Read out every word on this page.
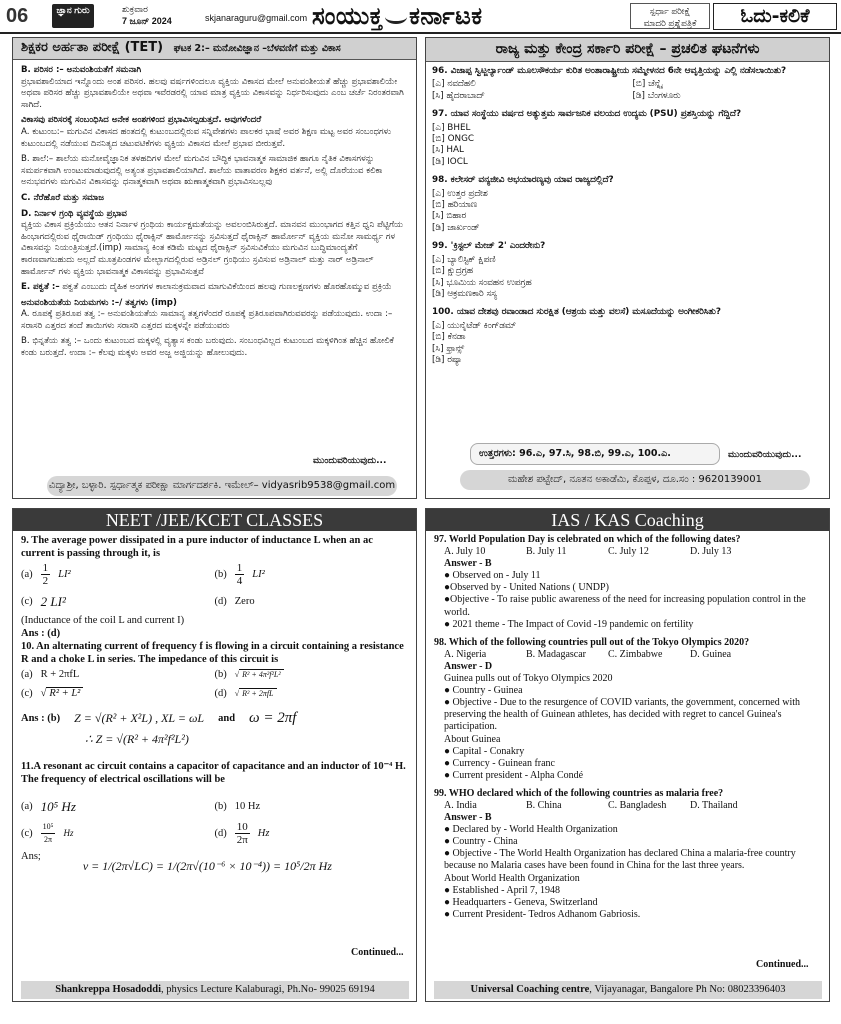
06	ಜ್ಞಾನ ಗುರು	ಶುಕ್ರವಾರ
7 ಜೂನ್ 2024	skjanaraguru@gmail.com ಸಂಯುಕ್ತ ಕರ್ನಾಟಕ	ಸ್ಪರ್ಧಾ ಪರೀಕ್ಷೆ
ಮಾದರಿ ಪ್ರಶ್ನೆಪತ್ರಿಕೆ	ಓದು-ಕಲಿಕೆ
ಶಿಕ್ಷಕರ ಅರ್ಹತಾ ಪರೀಕ್ಷೆ (TET) ಘಟಕ 2:– ಮನೋವಿಜ್ಞಾನ –ಬೆಳವಣಿಗೆ ಮತ್ತು ವಿಕಾಸ

B. ಪರಿಸರ :– ಅನುವಂಶಿಯತೆಗೆ ಸಮನಾಗಿ
ಪ್ರಭಾವಶಾಲಿಯಾದ ಇನ್ನೊಂದು ಅಂಶ ಪರಿಸರ. ಹಲವು ವರ್ಷಗಳಿಂದಲೂ ವ್ಯಕ್ತಿಯ ವಿಕಾಸದ ಮೇಲೆ ಅನುವಂಶೀಯತೆ ಹೆಚ್ಚು ಪ್ರಭಾವಶಾಲಿಯೇ ಅಥವಾ ಪರಿಸರ ಹೆಚ್ಚು ಪ್ರಭಾವಶಾಲಿಯೇ ಅಥವಾ ಇವೆರಡರಲ್ಲಿ ಯಾವ ಮಾತ್ರ ವ್ಯಕ್ತಿಯ ವಿಕಾಸವನ್ನು ನಿರ್ಧರಿಸುವುದು ಎಂಬ ಚರ್ಚೆ ನಿರಂತರವಾಗಿ ಸಾಗಿದೆ.

ವಿಕಾಸವು ಪರಿಸರಕ್ಕೆ ಸಂಬಂಧಿಸಿದ ಅನೇಕ ಅಂಶಗಳಿಂದ ಪ್ರಭಾವಿಸಲ್ಪಡುತ್ತದೆ. ಅವುಗಳೆಂದರೆ
A. ಕುಟುಂಬ:– ಮಗುವಿನ ವಿಕಾಸದ ಹಂತದಲ್ಲಿ ಕುಟುಂಬದಲ್ಲಿರುವ ಸನ್ನಿವೇಶಗಳು ಪಾಲಕರ ಭಾಷೆ ಅವರ ಶಿಕ್ಷಣ ಮಟ್ಟ ಅವರ ಸಂಬಂಧಗಳು ಕುಟುಂಬದಲ್ಲಿ ನಡೆಯುವ ದಿನನಿತ್ಯದ ಚಟುವಟಿಕೆಗಳು ವ್ಯಕ್ತಿಯ ವಿಕಾಸದ ಮೇಲೆ ಪ್ರಭಾವ ಬೀರುತ್ತವೆ.

B. ಶಾಲೆ:– ಶಾಲೆಯ ಮನೋವೈಜ್ಞಾನಿಕ ತಳಹದಿಗಳ ಮೇಲೆ ಮಗುವಿನ ಬೌದ್ಧಿಕ ಭಾವನಾತ್ಮಕ ಸಾಮಾಜಿಕ ಹಾಗೂ ನೈತಿಕ ವಿಕಾಸಗಳನ್ನು ಸಮರ್ಪಕವಾಗಿ ಉಂಟುಮಾಡುವುದಲ್ಲಿ ಅತ್ಯಂತ ಪ್ರಭಾವಶಾಲಿಯಾಗಿದೆ. ಶಾಲೆಯ ವಾತಾವರಣ ಶಿಕ್ಷಕರ ವರ್ತನೆ, ಅಲ್ಲಿ ದೊರೆಯುವ ಕಲಿಕಾ ಅನುಭವಗಳು ಮಗುವಿನ ವಿಕಾಸವನ್ನು ಧನಾತ್ಮಕವಾಗಿ ಅಥವಾ ಋಣಾತ್ಮಕವಾಗಿ ಪ್ರಭಾವಿಸಬಲ್ಲವು

C. ನೆರೆಹೊರೆ ಮತ್ತು ಸಮಾಜ

D. ನಿರ್ನಾಳ ಗ್ರಂಥಿ ವ್ಯವಸ್ಥೆಯ ಪ್ರಭಾವ
ವ್ಯಕ್ತಿಯ ವಿಕಾಸ ಪ್ರಕ್ರಿಯೆಯು ಆತನ ನಿರ್ನಾಳ ಗ್ರಂಥಿಯ ಕಾರ್ಯಕ್ಷಮತೆಯನ್ನು ಅವಲಂಬಿಸಿರುತ್ತದೆ. ಮಾನವನ ಮುಂಭಾಗದ ಕತ್ತಿನ ಧ್ವನಿ ಪೆಟ್ಟಿಗೆಯ ಹಿಂಭಾಗದಲ್ಲಿರುವ ಥೈರಾಯಿಡ್ ಗ್ರಂಥಿಯು ಥೈರಾಕ್ಸಿನ್ ಹಾರ್ಮೋನನ್ನು ಸ್ರವಿಸುತ್ತದೆ ಥೈರಾಕ್ಸಿನ್ ಹಾರ್ಮೋನ್ ವ್ಯಕ್ತಿಯ ಮನೋ ಸಾಮರ್ಥ್ಯ ಗಳ ವಿಕಾಸವನ್ನು ನಿಯಂತ್ರಿಸುತ್ತದೆ.(imp) ಸಾಮಾನ್ಯ ಕಿಂತ ಕಡಿಮೆ ಮಟ್ಟದ ಥೈರಾಕ್ಸಿನ್ ಸ್ರವಿಸುವಿಕೆಯು ಮಗುವಿನ ಬುದ್ಧಿಮಾಂದ್ಯತೆಗೆ ಕಾರಣವಾಗಬಹುದು ಅಲ್ಲದೆ ಮೂತ್ರಪಿಂಡಗಳ ಮೇಲ್ಭಾಗದಲ್ಲಿರುವ ಅಡ್ರಿನಲ್ ಗ್ರಂಥಿಯು ಸ್ರವಿಸುವ ಅಡ್ರಿನಾಲ್ ಮತ್ತು ನಾರ್ ಅಡ್ರಿನಾಲ್ ಹಾರ್ಮೋನ್ ಗಳು ವ್ಯಕ್ತಿಯ ಭಾವನಾತ್ಮಕ ವಿಕಾಸವನ್ನು ಪ್ರಭಾವಿಸುತ್ತವೆ

E. ಪಕ್ವತೆ :– ಪಕ್ವತೆ ಎಂಬುದು ದೈಹಿಕ ಅಂಗಗಳ ಕಾಲಾನುಕ್ರಮವಾದ ಮಾಗುವಿಕೆಯಿಂದ ಹಲವು ಗುಣಲಕ್ಷಣಗಳು ಹೊರಹೊಮ್ಮುವ ಪ್ರಕ್ರಿಯೆ

ಅನುವಂಶಿಯತೆಯ ನಿಯಮಗಳು :–/ ತತ್ವಗಳು (imp)
A. ರೂಪಕ್ಕೆ ಪ್ರತಿರೂಪ ತತ್ವ :– ಅನುವಂಶಿಯತೆಯ ಸಾಮಾನ್ಯ ತತ್ವಗಳೆಂದರೆ ರೂಪಕ್ಕೆ ಪ್ರತಿರೂಪವಾಗಿರುವವರನ್ನು ಪಡೆಯುವುದು. ಉದಾ :– ಸರಾಸರಿ ಎತ್ತರದ ತಂದೆ ತಾಯಿಗಳು ಸರಾಸರಿ ಎತ್ತರದ ಮಕ್ಕಳನ್ನೇ ಪಡೆಯುವರು

B. ಭಿನ್ನತೆಯ ತತ್ವ :– ಒಂದು ಕುಟುಂಬದ ಮಕ್ಕಳಲ್ಲಿ ವ್ಯತ್ಯಾಸ ಕಂಡು ಬರುವುದು. ಸಂಬಂಧವಿಲ್ಲದ ಕುಟುಂಬದ ಮಕ್ಕಳಿಗಿಂತ ಹೆಚ್ಚಿನ ಹೋಲಿಕೆ ಕಂಡು ಬರುತ್ತದೆ. ಉದಾ :– ಕೆಲವು ಮಕ್ಕಳು ಅವರ ಅಜ್ಜ ಅಜ್ಜಿಯನ್ನು ಹೋಲುವುದು.

ಮುಂದುವರಿಯುವುದು...
ವಿದ್ಯಾಶ್ರೀ, ಬಳ್ಳಾರಿ. ಸ್ಪರ್ಧಾತ್ಮಕ ಪರೀಕ್ಷಾ ಮಾರ್ಗದರ್ಶಕಿ. ಇಮೇಲ್– vidyasrib9538@gmail.com
ರಾಜ್ಯ ಮತ್ತು ಕೇಂದ್ರ ಸರ್ಕಾರಿ ಪರೀಕ್ಷೆ – ಪ್ರಚಲಿತ ಘಟನೆಗಳು
96. ವಿಜಾಪ್ಪ ಸ್ವಿಟ್ಜರ್ಲ್ಯಾಂಡ್ ಮೂಲಸೌಕರ್ಯ ಕುರಿತ ಅಂತಾರಾಷ್ಟ್ರೀಯ ಸಮ್ಮೇಳನದ 6ನೇ ಆವೃತ್ತಿಯನ್ನು ಎಲ್ಲಿ ನಡೆಸಲಾಯಿತು?
[ಎ] ನವದೆಹಲಿ	[ಬಿ] ಚೆನ್ನೈ
[ಸಿ] ಹೈದರಾಬಾದ್	[ಡಿ] ಬೆಂಗಳೂರು
97. ಯಾವ ಸಂಸ್ಥೆಯು ವರ್ಷದ ಅತ್ಯುತ್ತಮ ಸಾರ್ವಜನಿಕ ವಲಯದ ಉದ್ಯಮ (PSU) ಪ್ರಶಸ್ತಿಯನ್ನು ಗೆದ್ದಿದೆ?
[ಎ] BHEL
[ಬಿ] ONGC
[ಸಿ] HAL
[ಡಿ] IOCL
98. ಕಲೇಸರ್ ವನ್ಯಜೀವಿ ಅಭಯಾರಣ್ಯವು ಯಾವ ರಾಜ್ಯದಲ್ಲಿದೆ?
[ಎ] ಉತ್ತರ ಪ್ರದೇಶ
[ಬಿ] ಹರಿಯಾಣ
[ಸಿ] ಬಿಹಾರ
[ಡಿ] ಜಾರ್ಖಂಡ್
99. 'ಕ್ರಿಸ್ಟಲ್ ಮೇಜ್ 2' ಎಂದರೇನು?
[ಎ] ಬ್ಯಾಲಿಸ್ಟಿಕ್ ಕ್ಷಿಪಣಿ
[ಬಿ] ಕ್ಷುದ್ರಗ್ರಹ
[ಸಿ] ಭೂಮಿಯ ಸಂವಹನ ಉಪಗ್ರಹ
[ಡಿ] ಆಕ್ರಮಣಕಾರಿ ಸಸ್ಯ
100. ಯಾವ ದೇಶವು ರವಾಂಡಾದ ಸುರಕ್ಷಿತ (ಆಶ್ರಯ ಮತ್ತು ವಲಸೆ) ಮಸೂದೆಯನ್ನು ಅಂಗೀಕರಿಸಿತು?
[ಎ] ಯುನೈಟೆಡ್ ಕಿಂಗ್‌ಡಮ್
[ಬಿ] ಕೆನಡಾ
[ಸಿ] ಫ್ರಾನ್ಸ್
[ಡಿ] ರಷ್ಯಾ
ಉತ್ತರಗಳು: 96.ಎ, 97.ಸಿ, 98.ಬಿ, 99.ಎ, 100.ಎ.	ಮುಂದುವರಿಯುವುದು...
ಮಹೇಶ ಪಟ್ಟೇದ್, ನೂತನ ಅಕಾಡೆಮಿ, ಕೊಪ್ಪಳ, ದೂ.ಸಂ : 9620139001
NEET /JEE/KCET CLASSES
9. The average power dissipated in a pure inductor of inductance L when an ac current is passing through it, is
$(a) \frac{1}{2} LI^2$	$(b) \frac{1}{4} LI^2$
(c) 2 LI²	(d) Zero
(Inductance of the coil L and current I)
Ans : (d)
10. An alternating current of frequency f is flowing in a circuit containing a resistance R and a choke L in series. The impedance of this circuit is
(a) R + 2πfL	(b) √ R² + 4π²f²L²
(c) √ R² + L²	(d) √ R² + 2πfL
Ans : (b) Z = √(R² + X²L) , XL = ωL and ω = 2πf
∴ Z = √(R² + 4π²f²L²)
11.A resonant ac circuit contains a capacitor of capacitance and an inductor of 10⁻⁴ H. The frequency of electrical oscillations will be
(a) 10⁵ Hz	(b) 10 Hz
$(c) \frac{\text{10⁵}}{2\pi}$ Hz	$(d) \frac{10}{2\pi}$ Hz
Ans;
ν = 1/(2π√LC) = 1/(2π√(10⁻⁶ × 10⁻⁴)) = 10⁵/2π Hz
Continued...
Shankreppa Hosadoddi, physics Lecture Kalaburagi, Ph.No- 99025 69194
IAS / KAS Coaching
97. World Population Day is celebrated on which of the following dates?
A. July 10	B. July 11	C. July 12	D. July 13
Answer - B
● Observed on - July 11
●Observed by - United Nations ( UNDP)
●Objective - To raise public awareness of the need for increasing population control in the world.
● 2021 theme - The Impact of Covid -19 pandemic on fertility
98. Which of the following countries pull out of the Tokyo Olympics 2020?
A. Nigeria	B. Madagascar	C. Zimbabwe	D. Guinea
Answer - D
Guinea pulls out of Tokyo Olympics 2020
● Country - Guinea
● Objective - Due to the resurgence of COVID variants, the government, concerned with preserving the health of Guinean athletes, has decided with regret to cancel Guinea's participation.
About Guinea
● Capital - Conakry
● Currency - Guinean franc
● Current president - Alpha Condé
99. WHO declared which of the following countries as malaria free?
A. India	B. China	C. Bangladesh	D. Thailand
Answer - B
● Declared by - World Health Organization
● Country - China
● Objective - The World Health Organization has declared China a malaria-free country because no Malaria cases have been found in China for the last three years.
About World Health Organization
● Established - April 7, 1948
● Headquarters - Geneva, Switzerland
● Current President- Tedros Adhanom Gabriosis.
Continued...
Universal Coaching centre, Vijayanagar, Bangalore Ph No: 08023396403
